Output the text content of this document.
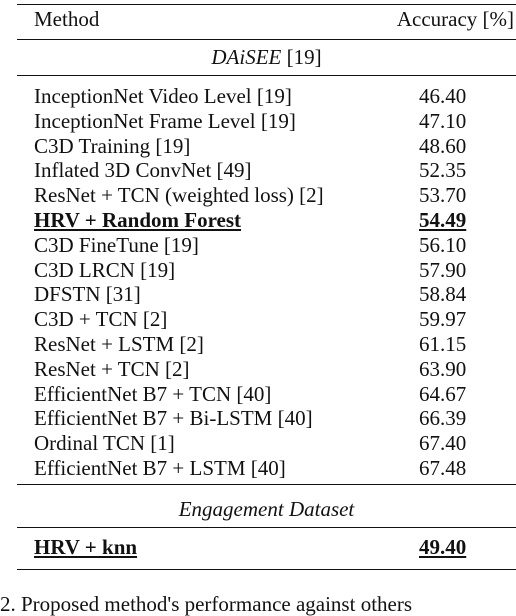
Method	Accuracy [%]
DAiSEE [19]
InceptionNet Video Level [19]	46.40
InceptionNet Frame Level [19]	47.10
C3D Training [19]	48.60
Inflated 3D ConvNet [49]	52.35
ResNet + TCN (weighted loss) [2]	53.70
HRV + Random Forest	54.49
C3D FineTune [19]	56.10
C3D LRCN [19]	57.90
DFSTN [31]	58.84
C3D + TCN [2]	59.97
ResNet + LSTM [2]	61.15
ResNet + TCN [2]	63.90
EfficientNet B7 + TCN [40]	64.67
EfficientNet B7 + Bi-LSTM [40]	66.39
Ordinal TCN [1]	67.40
EfficientNet B7 + LSTM [40]	67.48
Engagement Dataset
HRV + knn	49.40
2. Proposed method's performance against others
